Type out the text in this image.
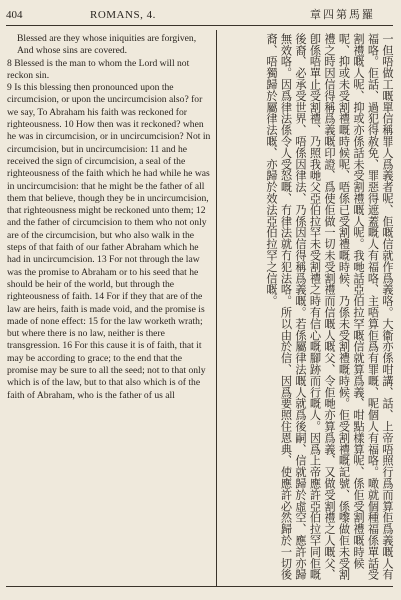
404	ROMANS, 4.	章四第馬羅

Blessed are they whose iniquities are forgiven,

And whose sins are covered.

8 Blessed is the man to whom the Lord will not reckon sin.

9 Is this blessing then pronounced upon the circumcision, or upon the uncircumcision also? for we say, To Abraham his faith was reckoned for righteousness. 10 How then was it reckoned? when he was in circumcision, or in uncircumcision? Not in circumcision, but in uncircumcision: 11 and he received the sign of circumcision, a seal of the righteousness of the faith which he had while he was in uncircumcision: that he might be the father of all them that believe, though they be in uncircumcision, that righteousness might be reckoned unto them; 12 and the father of circumcision to them who not only are of the circumcision, but who also walk in the steps of that faith of our father Abraham which he had in uncircumcision. 13 For not through the law was the promise to Abraham or to his seed that he should be heir of the world, but through the righteousness of faith. 14 For if they that are of the law are heirs, faith is made void, and the promise is made of none effect: 15 for the law worketh wrath; but where there is no law, neither is there transgression. 16 For this cause it is of faith, that it may be according to grace; to the end that the promise may be sure to all the seed; not to that only which is of the law, but to that also which is of the faith of Abraham, who is the father of us all	一但唔做工嘅單信稱罪人爲義者呢、佢嘅信就作爲義咯。大衞亦係咁講、話、上帝唔照行爲而算佢爲義嘅人有福咯。佢話、過犯得赦免、罪惡得遮蓋嘅人有福咯、主唔算佢爲有罪嘅、呢個人有福咯。噉就個種福係單話受割禮嘅人呢、抑或亦係話未受割禮嘅人呢。我哋話亞伯拉罕嘅信就算爲義、咁點樣算呢、係佢受割禮嘅時候呢、抑或未受割禮嘅時候呢、唔係已受割禮嘅時候、乃係未受割禮嘅時候。佢受割禮嘅記號、係嚟做佢未受割禮之時因信得稱爲義嘅印證、爲使佢做一切未受割禮而信嘅人嘅父、令佢哋亦算爲義、又做受割禮之人嘅父、卽係唔單止受割禮、乃照我哋父亞伯拉罕未受割禮之時有信心嘅腳跡而行嘅人。因爲上帝應許亞伯拉罕同佢嘅後裔、必承受世界、唔係因律法、乃係因信得稱爲義嘅。若係屬律法嘅人就爲後嗣、信就歸於虛空、應許亦歸無效咯。因爲律法係令人受怒嘅、冇律法就冇犯法咯。所以由於信、因爲要照住恩典、使應許必然歸於一切後裔、唔獨歸於屬律法嘅、亦歸於效法亞伯拉罕之信嘅。
